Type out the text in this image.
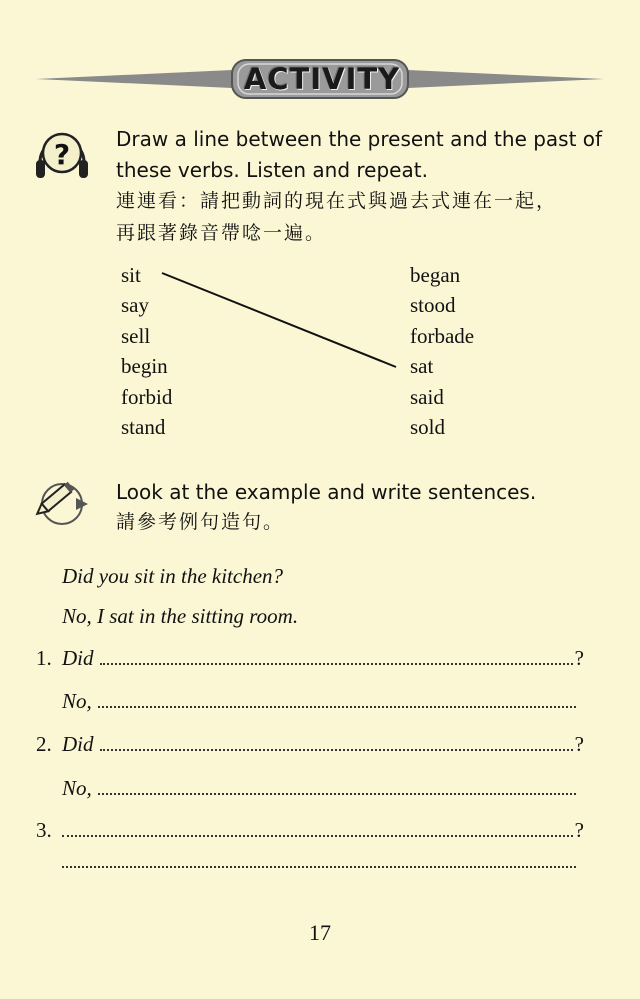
ACTIVITY
? Draw a line between the present and the past of
these verbs. Listen and repeat.
連連看：請把動詞的現在式與過去式連在一起，
再跟著錄音帶唸一遍。
sit
say
sell
begin
forbid
stand
began
stood
forbade
sat
said
sold
Look at the example and write sentences.
請參考例句造句。
Did you sit in the kitchen?
No, I sat in the sitting room.
1. Did	?
No,
2. Did	?
No,
3.	?
17
